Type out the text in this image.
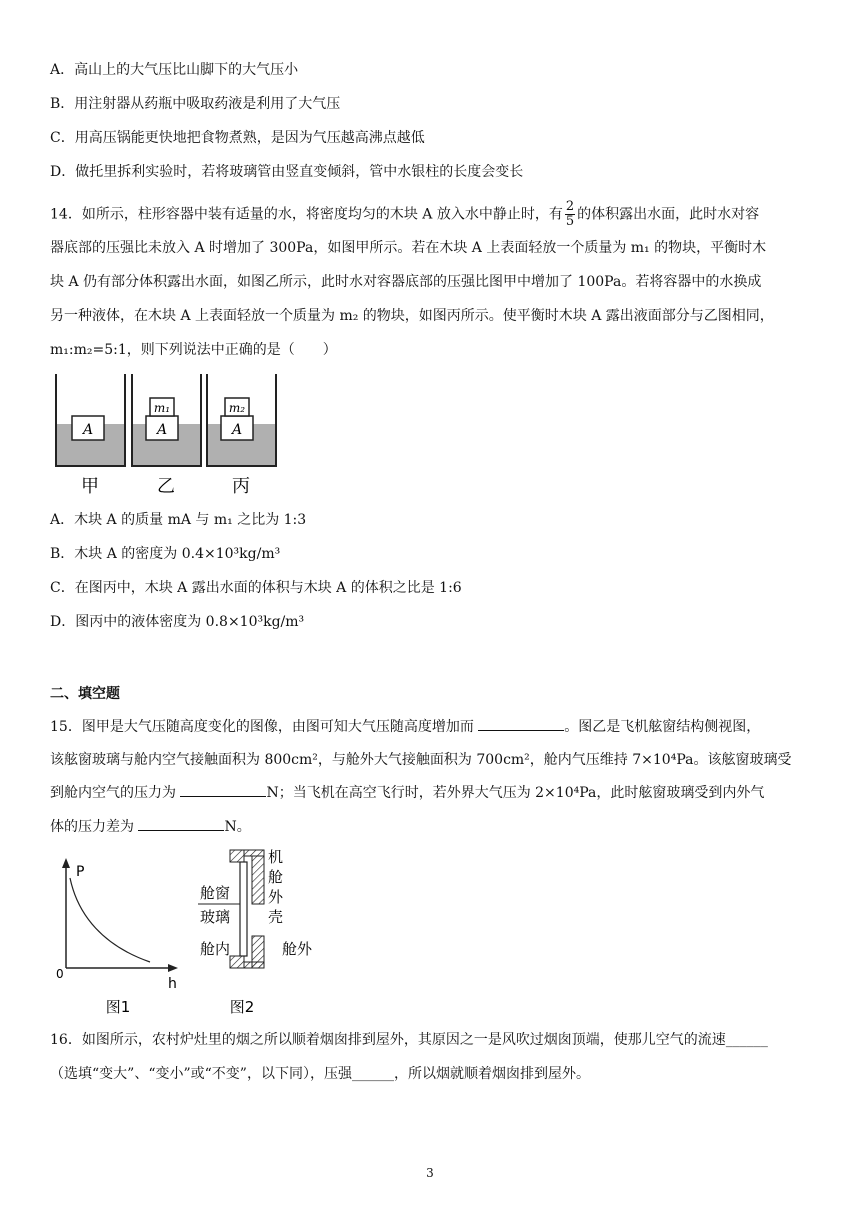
A．高山上的大气压比山脚下的大气压小
B．用注射器从药瓶中吸取药液是利用了大气压
C．用高压锅能更快地把食物煮熟，是因为气压越高沸点越低
D．做托里拆利实验时，若将玻璃管由竖直变倾斜，管中水银柱的长度会变长
14．如所示，柱形容器中装有适量的水，将密度均匀的木块 A 放入水中静止时，有 $\frac{2}{5}$ 的体积露出水面，此时水对容
器底部的压强比未放入 A 时增加了 300Pa，如图甲所示。若在木块 A 上表面轻放一个质量为 m₁ 的物块，平衡时木
块 A 仍有部分体积露出水面，如图乙所示，此时水对容器底部的压强比图甲中增加了 100Pa。若将容器中的水换成
另一种液体，在木块 A 上表面轻放一个质量为 m₂ 的物块，如图丙所示。使平衡时木块 A 露出液面部分与乙图相同，
m₁:m₂=5:1，则下列说法中正确的是（　　）
A	A
m₁
A
m₂
甲	乙	丙
A．木块 A 的质量 mA 与 m₁ 之比为 1:3
B．木块 A 的密度为 0.4×10³kg/m³
C．在图丙中，木块 A 露出水面的体积与木块 A 的体积之比是 1:6
D．图丙中的液体密度为 0.8×10³kg/m³
二、填空题
15．图甲是大气压随高度变化的图像，由图可知大气压随高度增加而	。图乙是飞机舷窗结构侧视图，
该舷窗玻璃与舱内空气接触面积为 800cm²，与舱外大气接触面积为 700cm²，舱内气压维持 7×10⁴Pa。该舷窗玻璃受
到舱内空气的压力为	N；当飞机在高空飞行时，若外界大气压为 2×10⁴Pa，此时舷窗玻璃受到内外气
体的压力差为	N。
P
0
h
图1
机
舱
外
壳
舱窗
玻璃
舱内	舱外
图2
16．如图所示，农村炉灶里的烟之所以顺着烟囱排到屋外，其原因之一是风吹过烟囱顶端，使那儿空气的流速______
（选填“变大”、“变小”或“不变”，以下同），压强______，所以烟就顺着烟囱排到屋外。
3
